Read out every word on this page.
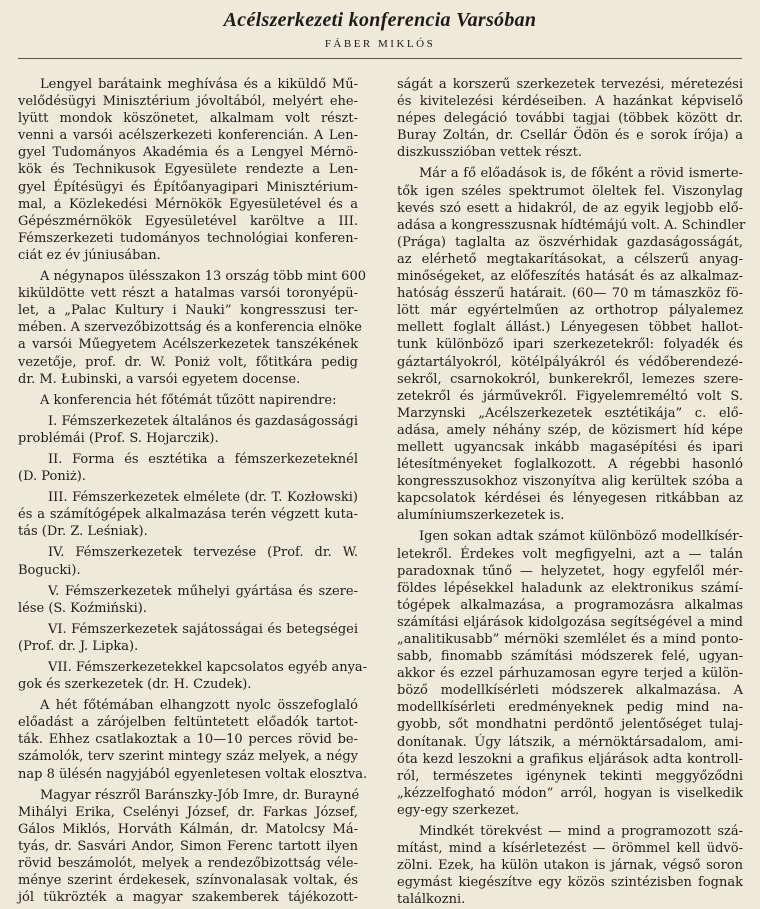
Acélszerkezeti konferencia Varsóban
FÁBER MIKLÓS
Lengyel barátaink meghívása és a kiküldő Mű-
velődésügyi Minisztérium jóvoltából, melyért ehe-
lyütt mondok köszönetet, alkalmam volt részt-
venni a varsói acélszerkezeti konferencián. A Len-
gyel Tudományos Akadémia és a Lengyel Mérnö-
kök és Technikusok Egyesülete rendezte a Len-
gyel Építésügyi és Építőanyagipari Minisztérium-
mal, a Közlekedési Mérnökök Egyesületével és a
Gépészmérnökök Egyesületével karöltve a III.
Fémszerkezeti tudományos technológiai konferen-
ciát ez év júniusában.
A négynapos ülésszakon 13 ország több mint 600
kiküldötte vett részt a hatalmas varsói toronyépü-
let, a „Palac Kultury i Nauki” kongresszusi ter-
mében. A szervezőbizottság és a konferencia elnöke
a varsói Műegyetem Acélszerkezetek tanszékének
vezetője, prof. dr. W. Poniż volt, főtitkára pedig
dr. M. Łubinski, a varsói egyetem docense.
A konferencia hét főtémát tűzött napirendre:
I. Fémszerkezetek általános és gazdaságossági
problémái (Prof. S. Hojarczik).
II. Forma és esztétika a fémszerkezeteknél
(D. Poniż).
III. Fémszerkezetek elmélete (dr. T. Kozłowski)
és a számítógépek alkalmazása terén végzett kuta-
tás (Dr. Z. Leśniak).
IV. Fémszerkezetek tervezése (Prof. dr. W.
Bogucki).
V. Fémszerkezetek műhelyi gyártása és szere-
lése (S. Koźmiński).
VI. Fémszerkezetek sajátosságai és betegségei
(Prof. dr. J. Lipka).
VII. Fémszerkezetekkel kapcsolatos egyéb anya-
gok és szerkezetek (dr. H. Czudek).
A hét főtémában elhangzott nyolc összefoglaló
előadást a zárójelben feltüntetett előadók tartot-
ták. Ehhez csatlakoztak a 10—10 perces rövid be-
számolók, terv szerint mintegy száz melyek, a négy
nap 8 ülésén nagyjából egyenletesen voltak elosztva.
Magyar részről Baránszky-Jób Imre, dr. Burayné
Mihályi Erika, Cselényi József, dr. Farkas József,
Gálos Miklós, Horváth Kálmán, dr. Matolcsy Má-
tyás, dr. Sasvári Andor, Simon Ferenc tartott ilyen
rövid beszámolót, melyek a rendezőbizottság véle-
ménye szerint érdekesek, színvonalasak voltak, és
jól tükrözték a magyar szakemberek tájékozott-
ságát a korszerű szerkezetek tervezési, méretezési
és kivitelezési kérdéseiben. A hazánkat képviselő
népes delegáció további tagjai (többek között dr.
Buray Zoltán, dr. Csellár Ödön és e sorok írója) a
diszkusszióban vettek részt.
Már a fő előadások is, de főként a rövid ismerte-
tők igen széles spektrumot öleltek fel. Viszonylag
kevés szó esett a hidakról, de az egyik legjobb elő-
adása a kongresszusnak hídtémájú volt. A. Schindler
(Prága) taglalta az öszvérhidak gazdaságosságát,
az elérhető megtakarításokat, a célszerű anyag-
minőségeket, az előfeszítés hatását és az alkalmaz-
hatóság ésszerű határait. (60— 70 m támaszköz fö-
lött már egyértelműen az orthotrop pályalemez
mellett foglalt állást.) Lényegesen többet hallot-
tunk különböző ipari szerkezetekről: folyadék és
gáztartályokról, kötélpályákról és védőberendezé-
sekről, csarnokokról, bunkerekről, lemezes szere-
zetekről és járművekről. Figyelemreméltó volt S.
Marzynski „Acélszerkezetek esztétikája” c. elő-
adása, amely néhány szép, de közismert híd képe
mellett ugyancsak inkább magasépítési és ipari
létesítményeket foglalkozott. A régebbi hasonló
kongresszusokhoz viszonyítva alig kerültek szóba a
kapcsolatok kérdései és lényegesen ritkábban az
alumíniumszerkezetek is.
Igen sokan adtak számot különböző modellkísér-
letekről. Érdekes volt megfigyelni, azt a — talán
paradoxnak tűnő — helyzetet, hogy egyfelől mér-
földes lépésekkel haladunk az elektronikus számí-
tógépek alkalmazása, a programozásra alkalmas
számítási eljárások kidolgozása segítségével a mind
„analitikusabb” mérnöki szemlélet és a mind ponto-
sabb, finomabb számítási módszerek felé, ugyan-
akkor és ezzel párhuzamosan egyre terjed a külön-
böző modellkísérleti módszerek alkalmazása. A
modellkísérleti eredményeknek pedig mind na-
gyobb, sőt mondhatni perdöntő jelentőséget tulaj-
donítanak. Úgy látszik, a mérnöktársadalom, ami-
óta kezd leszokni a grafikus eljárások adta kontroll-
ról, természetes igénynek tekinti meggyőződni
„kézzelfogható módon” arról, hogyan is viselkedik
egy-egy szerkezet.
Mindkét törekvést — mind a programozott szá-
mítást, mind a kísérletezést — örömmel kell üdvö-
zölni. Ezek, ha külön utakon is járnak, végső soron
egymást kiegészítve egy közös szintézisben fognak
találkozni.
